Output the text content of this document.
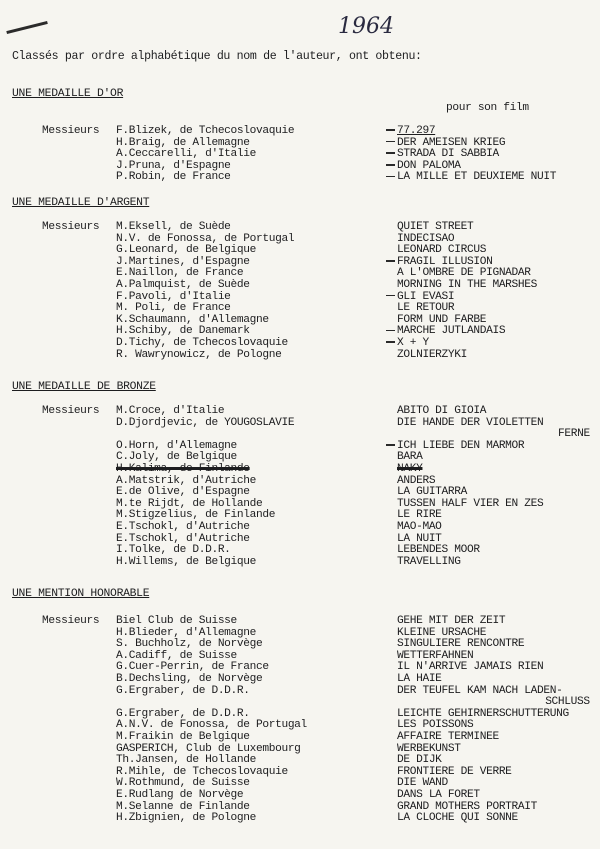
1964
Classés par ordre alphabétique du nom de l'auteur, ont obtenu:
pour son film
UNE MEDAILLE D'OR
Messieurs F.Blizek, de Tchecoslovaquie	77.297
H.Braig, de Allemagne	DER AMEISEN KRIEG
A.Ceccarelli, d'Italie	STRADA DI SABBIA
J.Pruna, d'Espagne	DON PALOMA
P.Robin, de France	LA MILLE ET DEUXIEME NUIT
UNE MEDAILLE D'ARGENT
Messieurs M.Eksell, de Suède	QUIET STREET
N.V. de Fonossa, de Portugal	INDECISAO
G.Leonard, de Belgique	LEONARD CIRCUS
J.Martines, d'Espagne	FRAGIL ILLUSION
E.Naillon, de France	A L'OMBRE DE PIGNADAR
A.Palmquist, de Suède	MORNING IN THE MARSHES
F.Pavoli, d'Italie	GLI EVASI
M. Poli, de France	LE RETOUR
K.Schaumann, d'Allemagne	FORM UND FARBE
H.Schiby, de Danemark	MARCHE JUTLANDAIS
D.Tichy, de Tchecoslovaquie	X + Y
R. Wawrynowicz, de Pologne	ZOLNIERZYKI
UNE MEDAILLE DE BRONZE
Messieurs M.Croce, d'Italie	ABITO DI GIOIA
D.Djordjevic, de YOUGOSLAVIE	DIE HANDE DER VIOLETTEN
FERNE
O.Horn, d'Allemagne	ICH LIEBE DEN MARMOR
C.Joly, de Belgique	BARA
H.Kalima, de Finlande	NAKY
A.Matstrik, d'Autriche	ANDERS
E.de Olive, d'Espagne	LA GUITARRA
M.te Rijdt, de Hollande	TUSSEN HALF VIER EN ZES
M.Stigzelius, de Finlande	LE RIRE
E.Tschokl, d'Autriche	MAO-MAO
E.Tschokl, d'Autriche	LA NUIT
I.Tolke, de D.D.R.	LEBENDES MOOR
H.Willems, de Belgique	TRAVELLING
UNE MENTION HONORABLE
Messieurs Biel Club de Suisse	GEHE MIT DER ZEIT
H.Blieder, d'Allemagne	KLEINE URSACHE
S. Buchholz, de Norvège	SINGULIERE RENCONTRE
A.Cadiff, de Suisse	WETTERFAHNEN
G.Cuer-Perrin, de France	IL N'ARRIVE JAMAIS RIEN
B.Dechsling, de Norvège	LA HAIE
G.Ergraber, de D.D.R.	DER TEUFEL KAM NACH LADEN-
SCHLUSS
G.Ergraber, de D.D.R.	LEICHTE GEHIRNERSCHUTTERUNG
A.N.V. de Fonossa, de Portugal	LES POISSONS
M.Fraikin de Belgique	AFFAIRE TERMINEE
GASPERICH, Club de Luxembourg	WERBEKUNST
Th.Jansen, de Hollande	DE DIJK
R.Mihle, de Tchecoslovaquie	FRONTIERE DE VERRE
W.Rothmund, de Suisse	DIE WAND
E.Rudlang de Norvège	DANS LA FORET
M.Selanne de Finlande	GRAND MOTHERS PORTRAIT
H.Zbignien, de Pologne	LA CLOCHE QUI SONNE
